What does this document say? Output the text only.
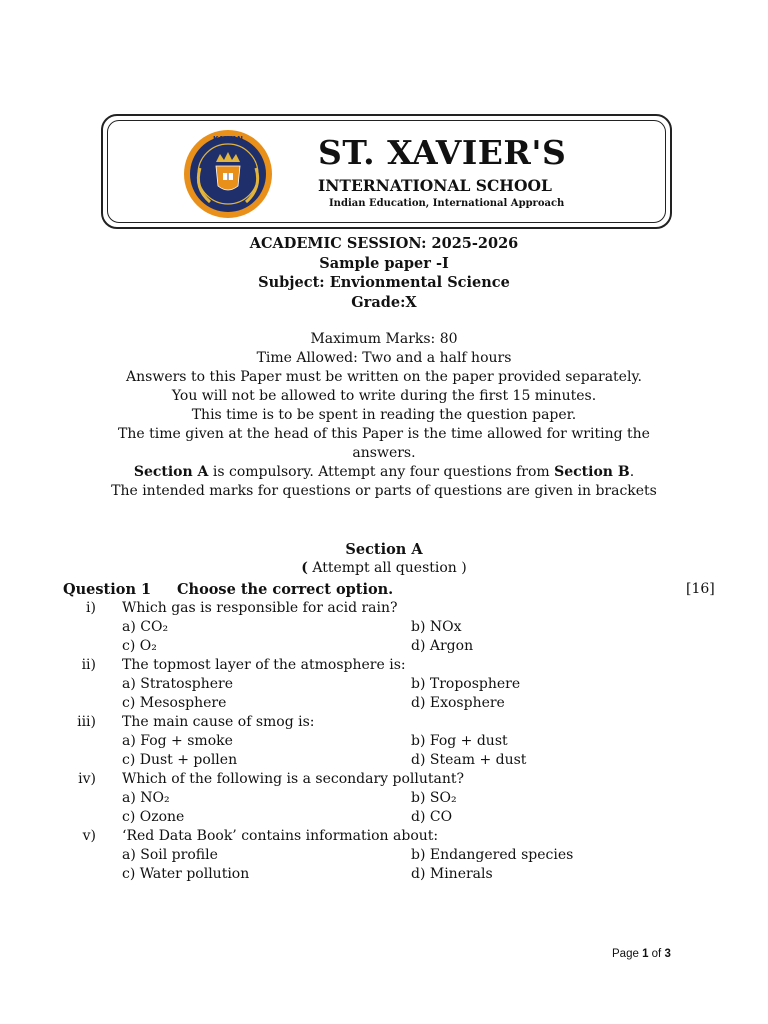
KALYAN ST. XAVIER'S
INTERNATIONAL SCHOOL
Indian Education, International Approach
ACADEMIC SESSION: 2025-2026
Sample paper -I
Subject: Envionmental Science
Grade:X
Maximum Marks: 80
Time Allowed: Two and a half hours
Answers to this Paper must be written on the paper provided separately.
You will not be allowed to write during the first 15 minutes.
This time is to be spent in reading the question paper.
The time given at the head of this Paper is the time allowed for writing the
answers.
Section A is compulsory. Attempt any four questions from Section B.
The intended marks for questions or parts of questions are given in brackets
Section A
( Attempt all question )
Question 1 Choose the correct option.	[16]
i) Which gas is responsible for acid rain?
a) CO₂	b) NOx
c) O₂	d) Argon
ii) The topmost layer of the atmosphere is:
a) Stratosphere	b) Troposphere
c) Mesosphere	d) Exosphere
iii) The main cause of smog is:
a) Fog + smoke	b) Fog + dust
c) Dust + pollen	d) Steam + dust
iv) Which of the following is a secondary pollutant?
a) NO₂	b) SO₂
c) Ozone	d) CO
v) ‘Red Data Book’ contains information about:
a) Soil profile	b) Endangered species
c) Water pollution	d) Minerals
Page 1 of 3
